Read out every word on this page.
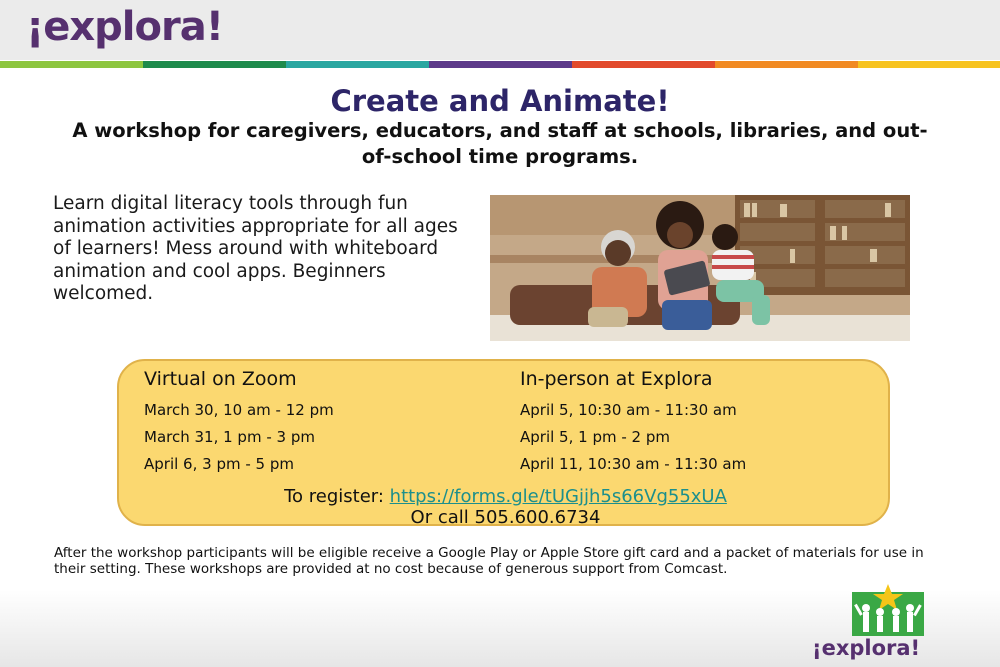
¡explora!
Create and Animate!
A workshop for caregivers, educators, and staff at schools, libraries, and out-of-school time programs.
Learn digital literacy tools through fun animation activities appropriate for all ages of learners! Mess around with whiteboard animation and cool apps. Beginners welcomed.
Virtual on Zoom	In-person at Explora
March 30, 10 am - 12 pm
March 31, 1 pm - 3 pm
April 6, 3 pm - 5 pm
April 5, 10:30 am - 11:30 am
April 5, 1 pm - 2 pm
April 11, 10:30 am - 11:30 am
To register: https://forms.gle/tUGjjh5s66Vg55xUA
Or call 505.600.6734
After the workshop participants will be eligible receive a Google Play or Apple Store gift card and a packet of materials for use in their setting. These workshops are provided at no cost because of generous support from Comcast.
¡explora!
